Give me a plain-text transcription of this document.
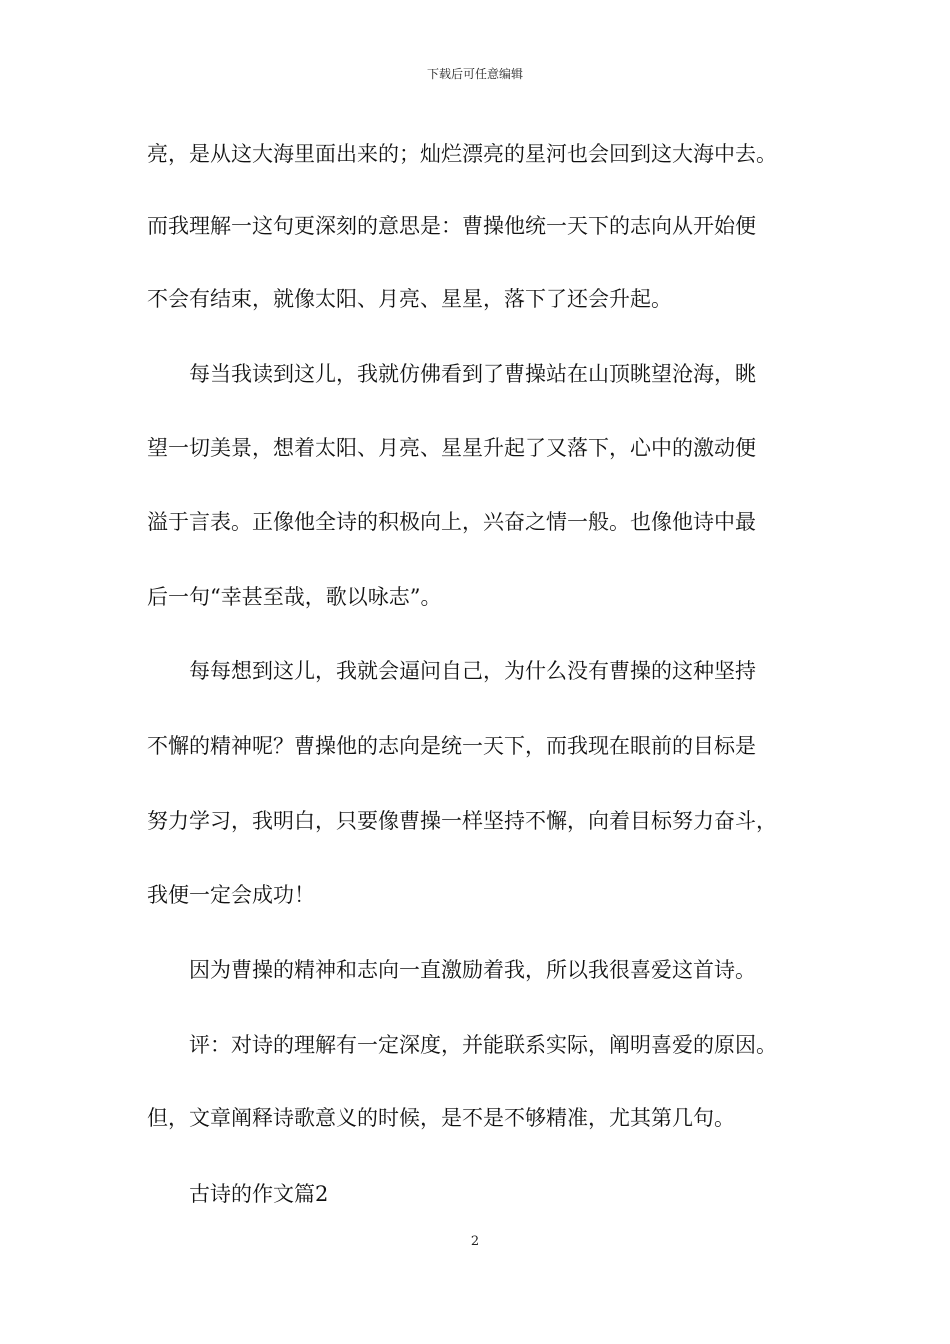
下载后可任意编辑
亮，是从这大海里面出来的；灿烂漂亮的星河也会回到这大海中去。
而我理解一这句更深刻的意思是：曹操他统一天下的志向从开始便
不会有结束，就像太阳、月亮、星星，落下了还会升起。
每当我读到这儿，我就仿佛看到了曹操站在山顶眺望沧海，眺
望一切美景，想着太阳、月亮、星星升起了又落下，心中的激动便
溢于言表。正像他全诗的积极向上，兴奋之情一般。也像他诗中最
后一句“幸甚至哉，歌以咏志”。
每每想到这儿，我就会逼问自己，为什么没有曹操的这种坚持
不懈的精神呢？曹操他的志向是统一天下，而我现在眼前的目标是
努力学习，我明白，只要像曹操一样坚持不懈，向着目标努力奋斗，
我便一定会成功！
因为曹操的精神和志向一直激励着我，所以我很喜爱这首诗。
评：对诗的理解有一定深度，并能联系实际，阐明喜爱的原因。
但，文章阐释诗歌意义的时候，是不是不够精准，尤其第几句。
古诗的作文篇2
2
